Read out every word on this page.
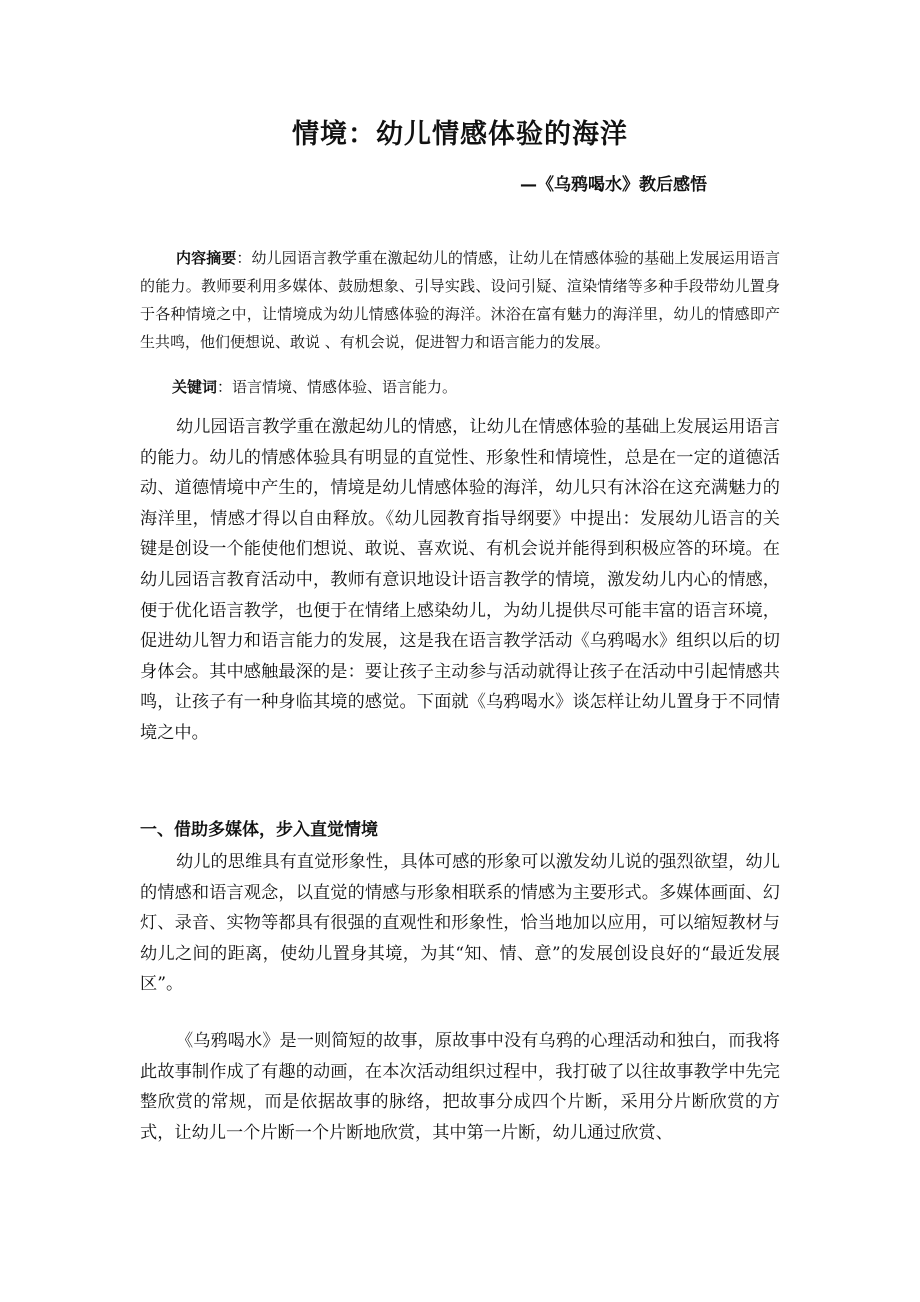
情境：幼儿情感体验的海洋

—《乌鸦喝水》教后感悟

内容摘要：幼儿园语言教学重在激起幼儿的情感，让幼儿在情感体验的基础上发展运用语言的能力。教师要利用多媒体、鼓励想象、引导实践、设问引疑、渲染情绪等多种手段带幼儿置身于各种情境之中，让情境成为幼儿情感体验的海洋。沐浴在富有魅力的海洋里，幼儿的情感即产生共鸣，他们便想说、敢说 、有机会说，促进智力和语言能力的发展。

关键词：语言情境、情感体验、语言能力。

幼儿园语言教学重在激起幼儿的情感，让幼儿在情感体验的基础上发展运用语言的能力。幼儿的情感体验具有明显的直觉性、形象性和情境性，总是在一定的道德活动、道德情境中产生的，情境是幼儿情感体验的海洋，幼儿只有沐浴在这充满魅力的海洋里，情感才得以自由释放。《幼儿园教育指导纲要》中提出：发展幼儿语言的关键是创设一个能使他们想说、敢说、喜欢说、有机会说并能得到积极应答的环境。在幼儿园语言教育活动中，教师有意识地设计语言教学的情境，激发幼儿内心的情感，便于优化语言教学，也便于在情绪上感染幼儿，为幼儿提供尽可能丰富的语言环境，促进幼儿智力和语言能力的发展，这是我在语言教学活动《乌鸦喝水》组织以后的切身体会。其中感触最深的是：要让孩子主动参与活动就得让孩子在活动中引起情感共鸣，让孩子有一种身临其境的感觉。下面就《乌鸦喝水》谈怎样让幼儿置身于不同情境之中。

一、借助多媒体，步入直觉情境

幼儿的思维具有直觉形象性，具体可感的形象可以激发幼儿说的强烈欲望，幼儿的情感和语言观念，以直觉的情感与形象相联系的情感为主要形式。多媒体画面、幻灯、录音、实物等都具有很强的直观性和形象性，恰当地加以应用，可以缩短教材与幼儿之间的距离，使幼儿置身其境，为其“知、情、意”的发展创设良好的“最近发展区”。

《乌鸦喝水》是一则简短的故事，原故事中没有乌鸦的心理活动和独白，而我将此故事制作成了有趣的动画，在本次活动组织过程中，我打破了以往故事教学中先完整欣赏的常规，而是依据故事的脉络，把故事分成四个片断，采用分片断欣赏的方式，让幼儿一个片断一个片断地欣赏，其中第一片断，幼儿通过欣赏、
